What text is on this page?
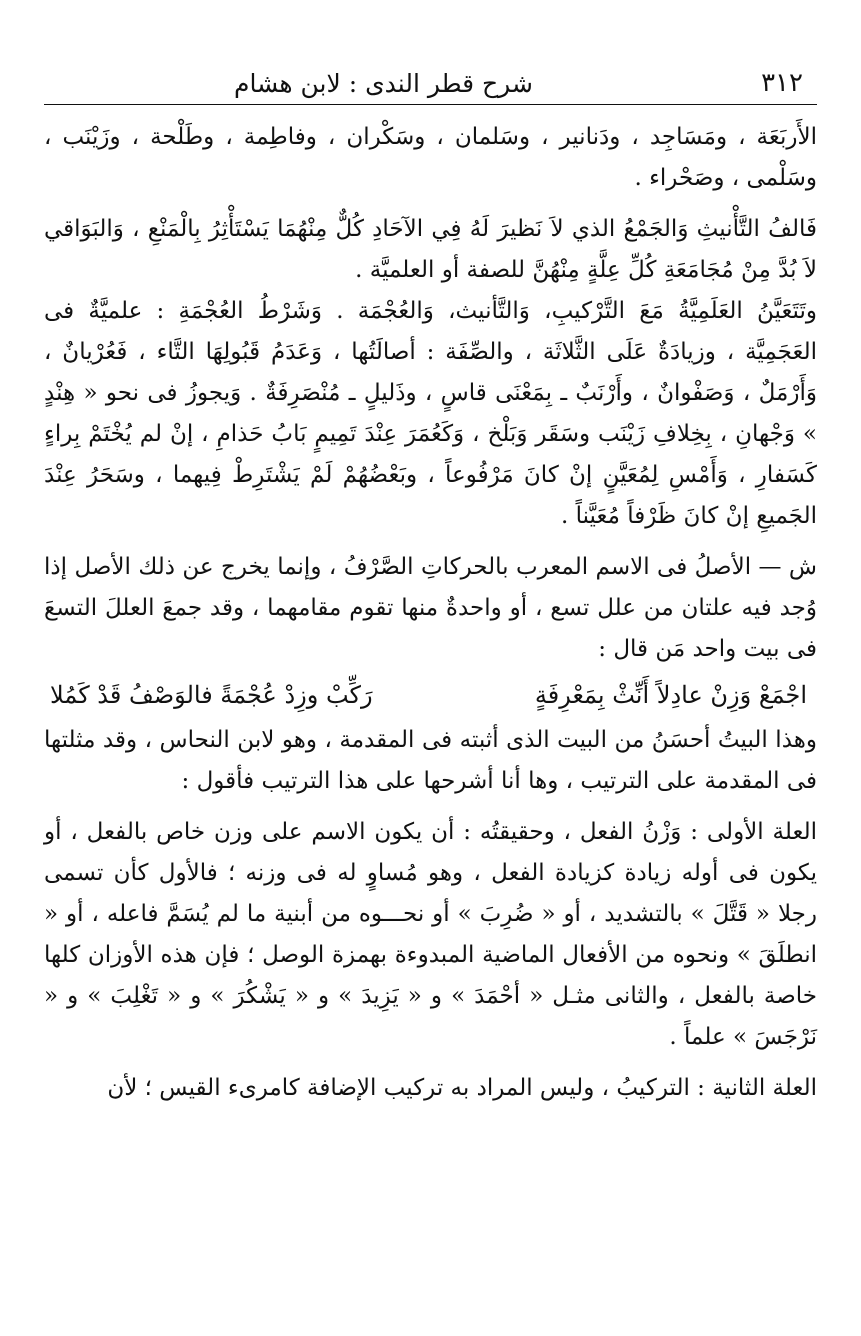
٣١٢
شرح قطر الندى : لابن هشام

الأَربَعَة ، ومَسَاجِد ، ودَنانير ، وسَلمان ، وسَكْران ، وفاطِمة ، وطَلْحة ، وزَيْنَب ، وسَلْمى ، وصَحْراء .

فَالفُ التَّأْنيثِ وَالجَمْعُ الذي لاَ نَظيرَ لَهُ فِي الآحَادِ كُلٌّ مِنْهُمَا يَسْتَأْثِرُ بِالْمَنْعِ ، وَالبَوَاقي لاَ بُدَّ مِنْ مُجَامَعَةِ كُلِّ عِلَّةٍ مِنْهُنَّ للصفة أو العلميَّة .

وتَتَعَيَّنُ العَلَمِيَّةُ مَعَ التَّرْكيبِ، وَالتَّأنيث، وَالعُجْمَة . وَشَرْطُ العُجْمَةِ : علميَّةٌ فى العَجَمِيَّة ، وزيادَةٌ عَلَى الثَّلاثَة ، والصِّفَة : أصالَتُها ، وَعَدَمُ قَبُولِهَا التَّاء ، فَعُرْيانٌ ، وَأَرْمَلٌ ، وَصَفْوانٌ ، وأَرْنَبٌ ـ بِمَعْنَى قاسٍ ، وذَليلٍ ـ مُنْصَرِفَةٌ . وَيجوزُ فى نحو « هِنْدٍ » وَجْهانِ ، بِخِلافِ زَيْنَب وسَقَر وَبَلْخ ، وَكَعُمَرَ عِنْدَ تَمِيمٍ بَابُ حَذامِ ، إنْ لم يُخْتَمْ بِراءٍ كَسَفارِ ، وَأَمْسِ لِمُعَيَّنٍ إنْ كانَ مَرْفُوعاً ، وبَعْضُهُمْ لَمْ يَشْتَرِطْ فِيهما ، وسَحَرُ عِنْدَ الجَميعِ إنْ كانَ ظَرْفاً مُعَيَّناً .

ش — الأصلُ فى الاسم المعرب بالحركاتِ الصَّرْفُ ، وإنما يخرج عن ذلك الأصل إذا وُجد فيه علتان من علل تسع ، أو واحدةٌ منها تقوم مقامهما ، وقد جمعَ العللَ التسعَ فى بيت واحد مَن قال :

اجْمَعْ وَزِنْ عادِلاً أَنِّثْ بِمَعْرِفَةٍ
رَكِّبْ وزِدْ عُجْمَةً فالوَصْفُ قَدْ كَمُلا

وهذا البيتُ أحسَنُ من البيت الذى أثبته فى المقدمة ، وهو لابن النحاس ، وقد مثلتها فى المقدمة على الترتيب ، وها أنا أشرحها على هذا الترتيب فأقول :

العلة الأولى : وَزْنُ الفعل ، وحقيقتُه : أن يكون الاسم على وزن خاص بالفعل ، أو يكون فى أوله زيادة كزيادة الفعل ، وهو مُساوٍ له فى وزنه ؛ فالأول كأن تسمى رجلا « قَتَّلَ » بالتشديد ، أو « ضُرِبَ » أو نحـــوه من أبنية ما لم يُسَمَّ فاعله ، أو « انطلَقَ » ونحوه من الأفعال الماضية المبدوءة بهمزة الوصل ؛ فإن هذه الأوزان كلها خاصة بالفعل ، والثانى مثـل « أحْمَدَ » و « يَزِيدَ » و « يَشْكُرَ » و « تَغْلِبَ » و « نَرْجَسَ » علماً .

العلة الثانية : التركيبُ ، وليس المراد به تركيب الإضافة كامرىء القيس ؛ لأن
